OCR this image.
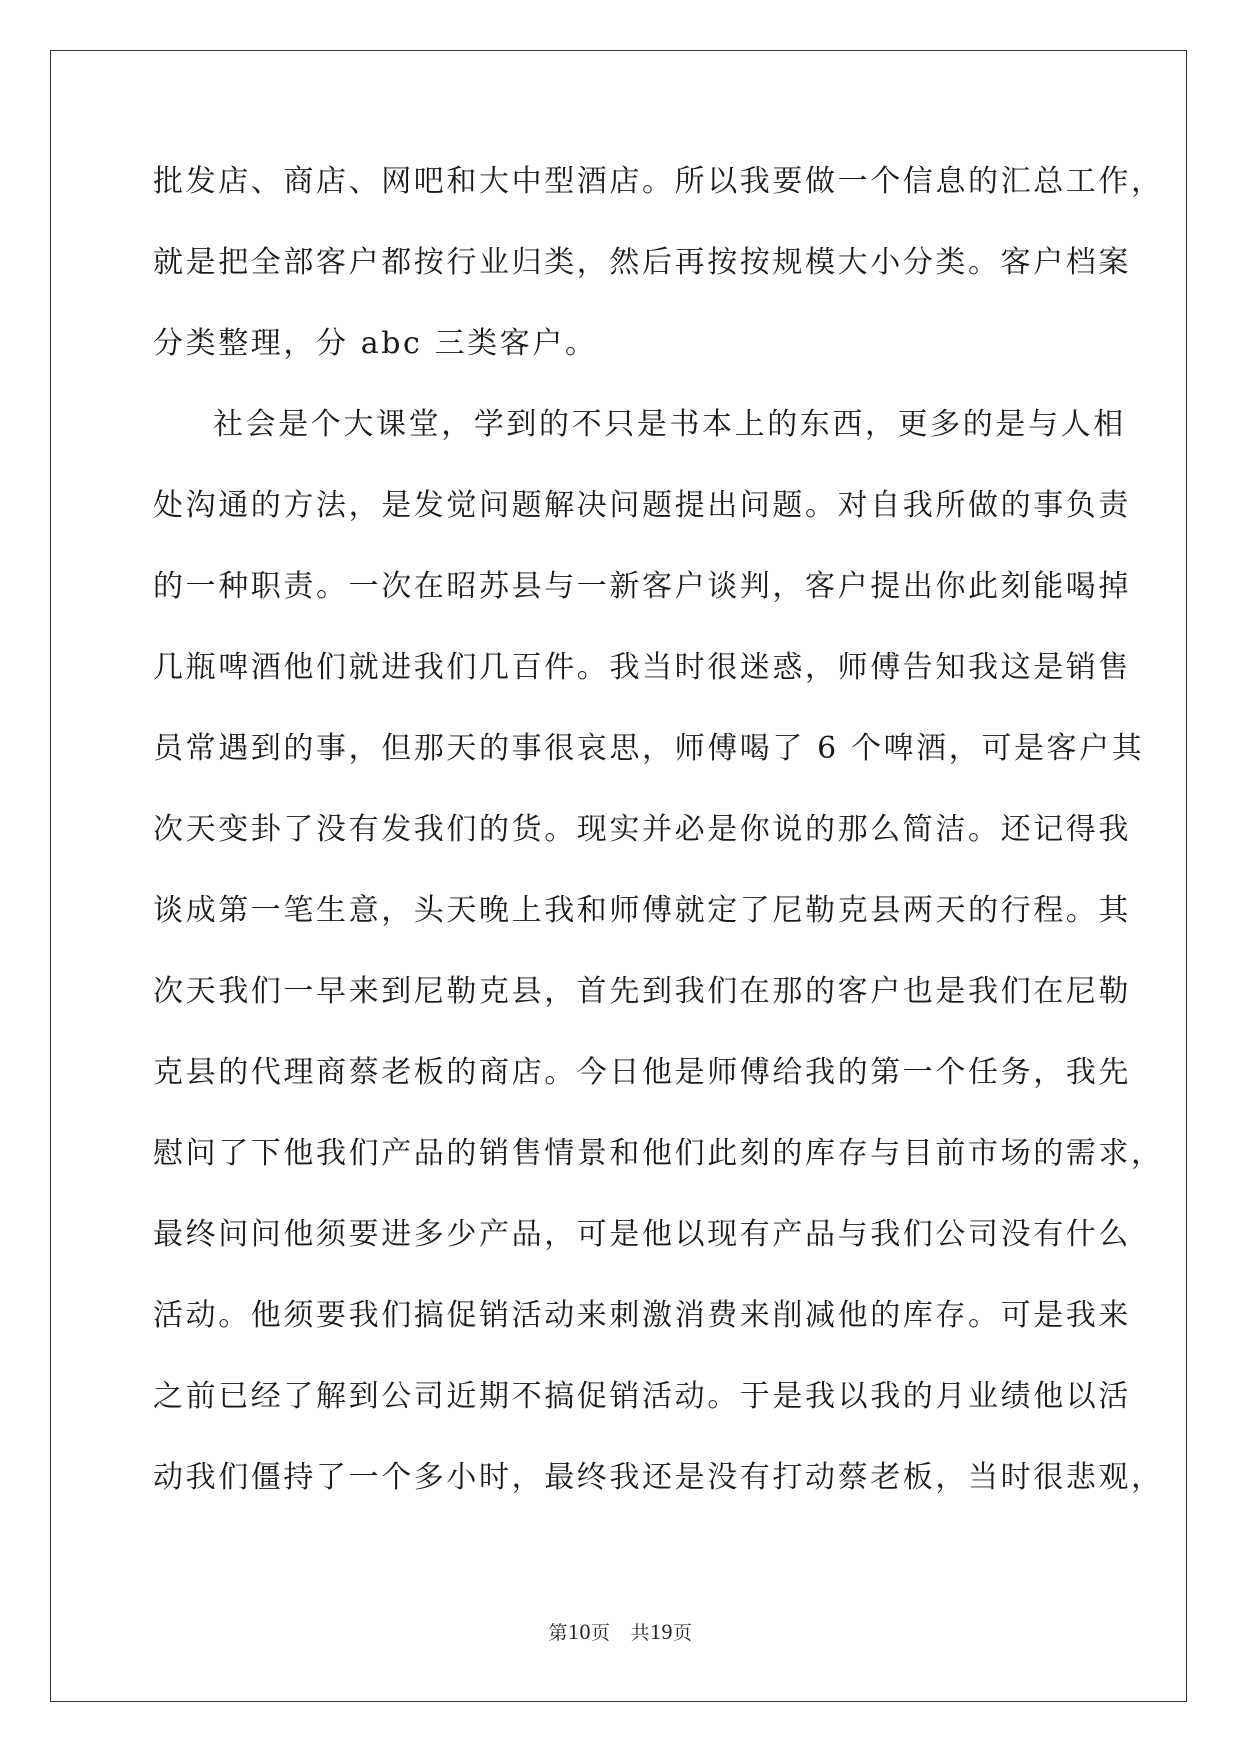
批发店、商店、网吧和大中型酒店。所以我要做一个信息的汇总工作，
就是把全部客户都按行业归类，然后再按按规模大小分类。客户档案
分类整理，分 abc 三类客户。
社会是个大课堂，学到的不只是书本上的东西，更多的是与人相
处沟通的方法，是发觉问题解决问题提出问题。对自我所做的事负责
的一种职责。一次在昭苏县与一新客户谈判，客户提出你此刻能喝掉
几瓶啤酒他们就进我们几百件。我当时很迷惑，师傅告知我这是销售
员常遇到的事，但那天的事很哀思，师傅喝了 6 个啤酒，可是客户其
次天变卦了没有发我们的货。现实并必是你说的那么简洁。还记得我
谈成第一笔生意，头天晚上我和师傅就定了尼勒克县两天的行程。其
次天我们一早来到尼勒克县，首先到我们在那的客户也是我们在尼勒
克县的代理商蔡老板的商店。今日他是师傅给我的第一个任务，我先
慰问了下他我们产品的销售情景和他们此刻的库存与目前市场的需求，
最终问问他须要进多少产品，可是他以现有产品与我们公司没有什么
活动。他须要我们搞促销活动来刺激消费来削减他的库存。可是我来
之前已经了解到公司近期不搞促销活动。于是我以我的月业绩他以活
动我们僵持了一个多小时，最终我还是没有打动蔡老板，当时很悲观，
第10页 共19页
